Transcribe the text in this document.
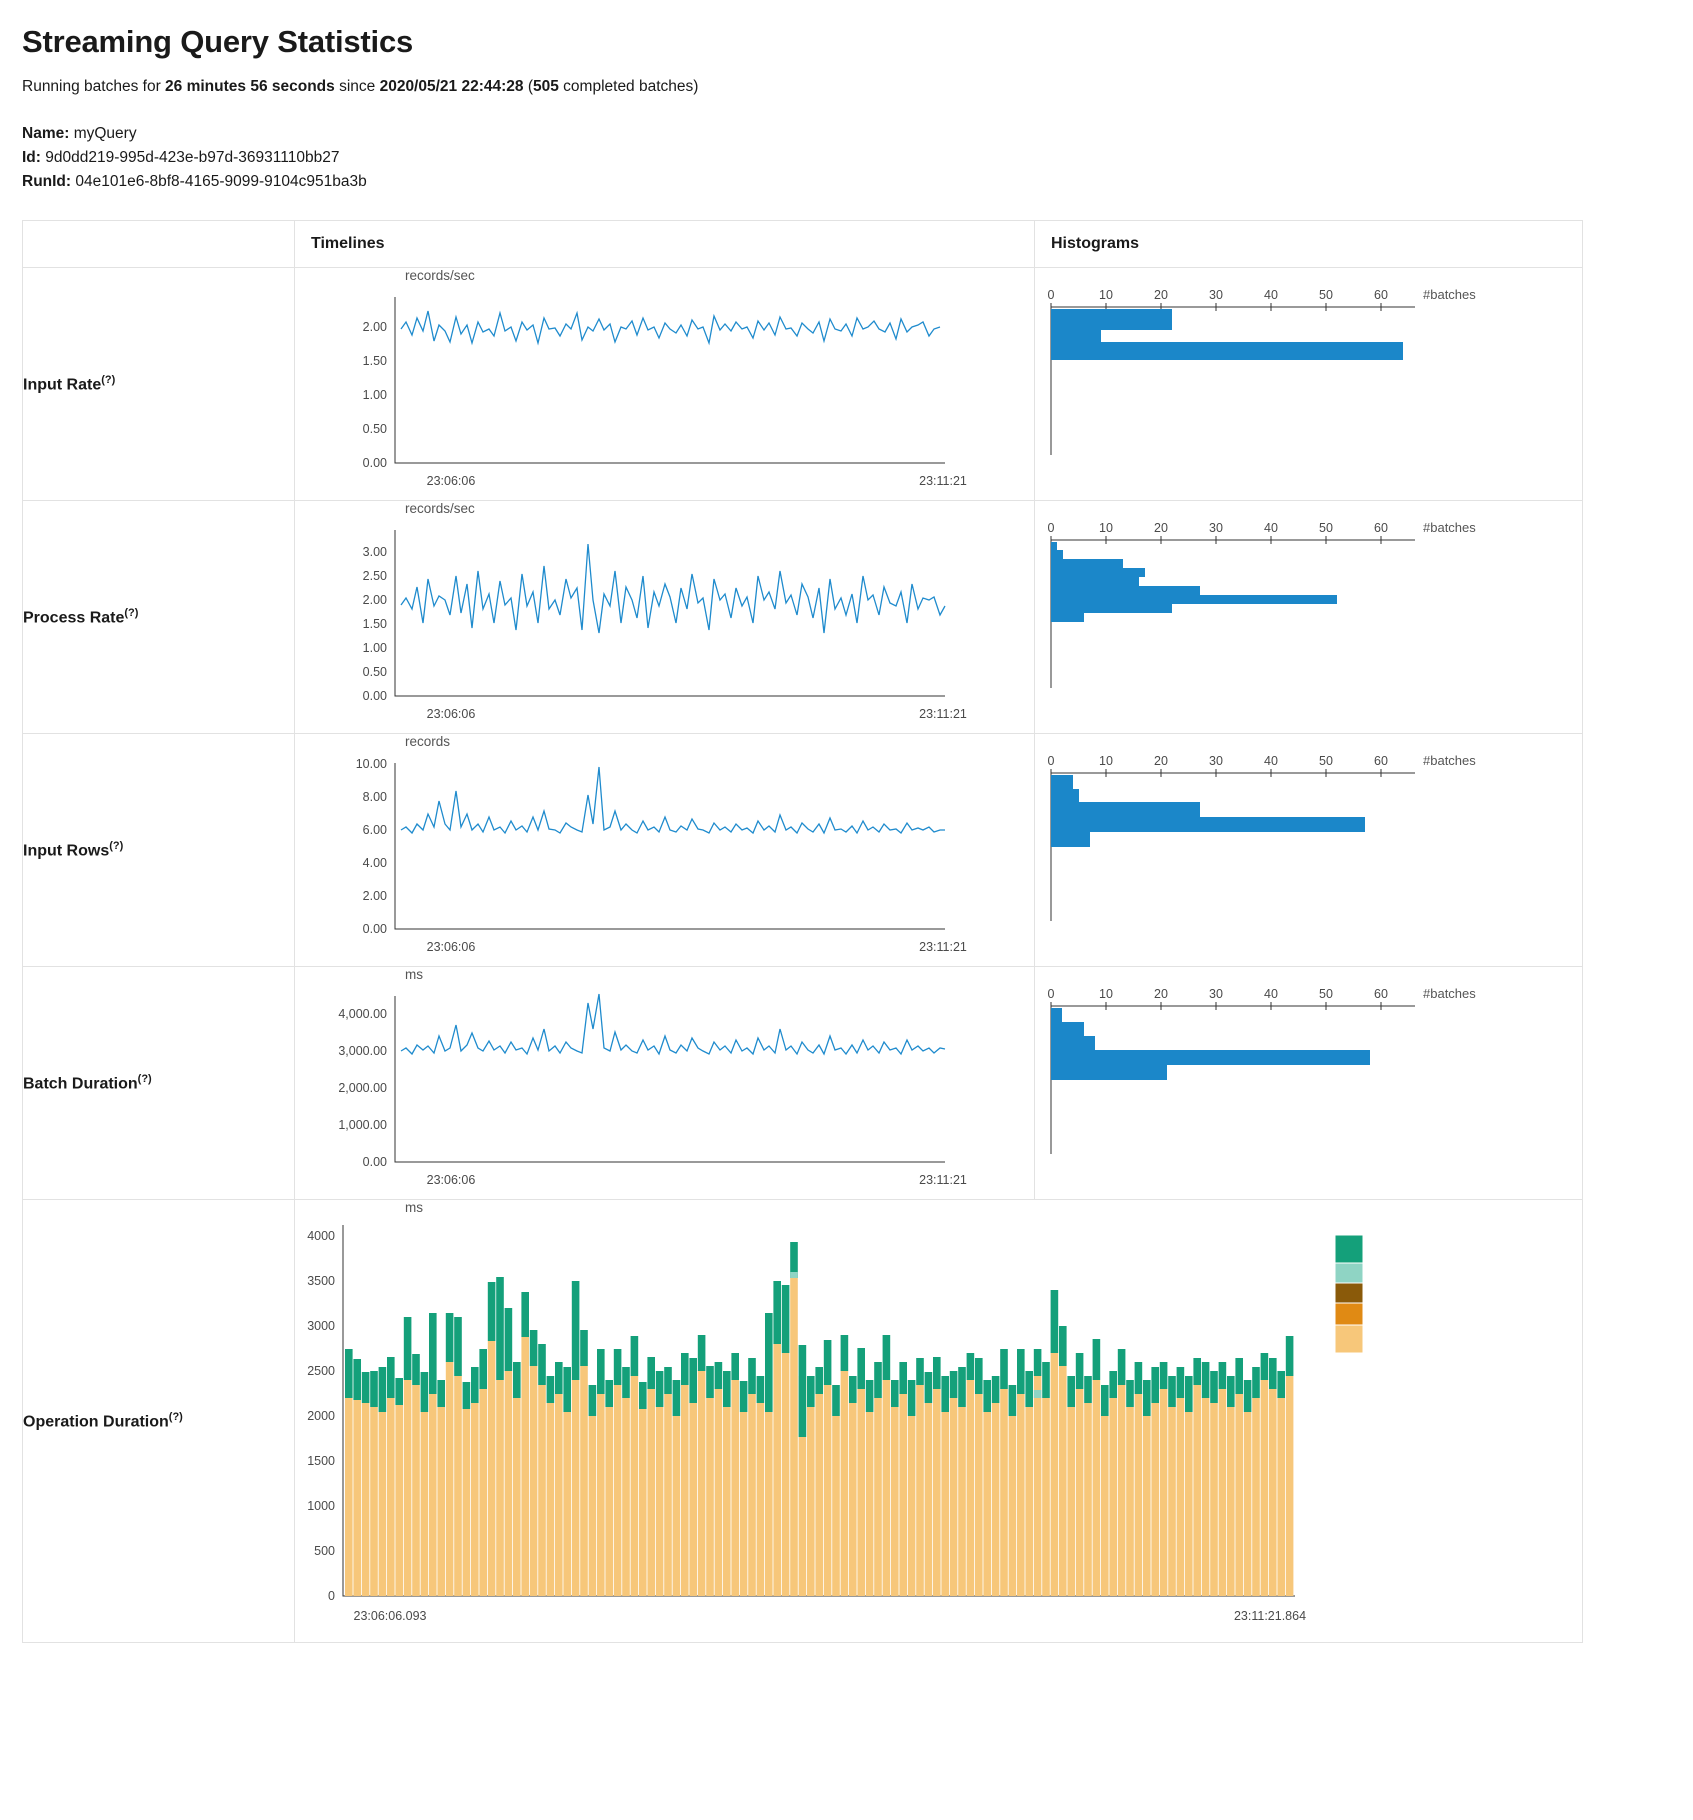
Streaming Query Statistics
Running batches for 26 minutes 56 seconds since 2020/05/21 22:44:28 (505 completed batches)
Name: myQuery
Id: 9d0dd219-995d-423e-b97d-36931110bb27
RunId: 04e101e6-8bf8-4165-9099-9104c951ba3b
	Timelines	Histograms
Input Rate(?)	
records/sec
0.00
0.50
1.00
1.50
2.00
23:06:06	23:11:21

0	10	20	30	40	50	60	#batches

Process Rate(?)	
records/sec
0.00
0.50
1.00
1.50
2.00
2.50
3.00
23:06:06	23:11:21

0	10	20	30	40	50	60	#batches

Input Rows(?)	
records
0.00
2.00
4.00
6.00
8.00
10.00
23:06:06	23:11:21

0	10	20	30	40	50	60	#batches

Batch Duration(?)	
ms
0.00
1,000.00
2,000.00
3,000.00
4,000.00
23:06:06	23:11:21

0	10	20	30	40	50	60	#batches

Operation Duration(?)	
ms
0
500
1000
1500
2000
2500
3000
3500
4000
23:06:06.093	23:11:21.864
